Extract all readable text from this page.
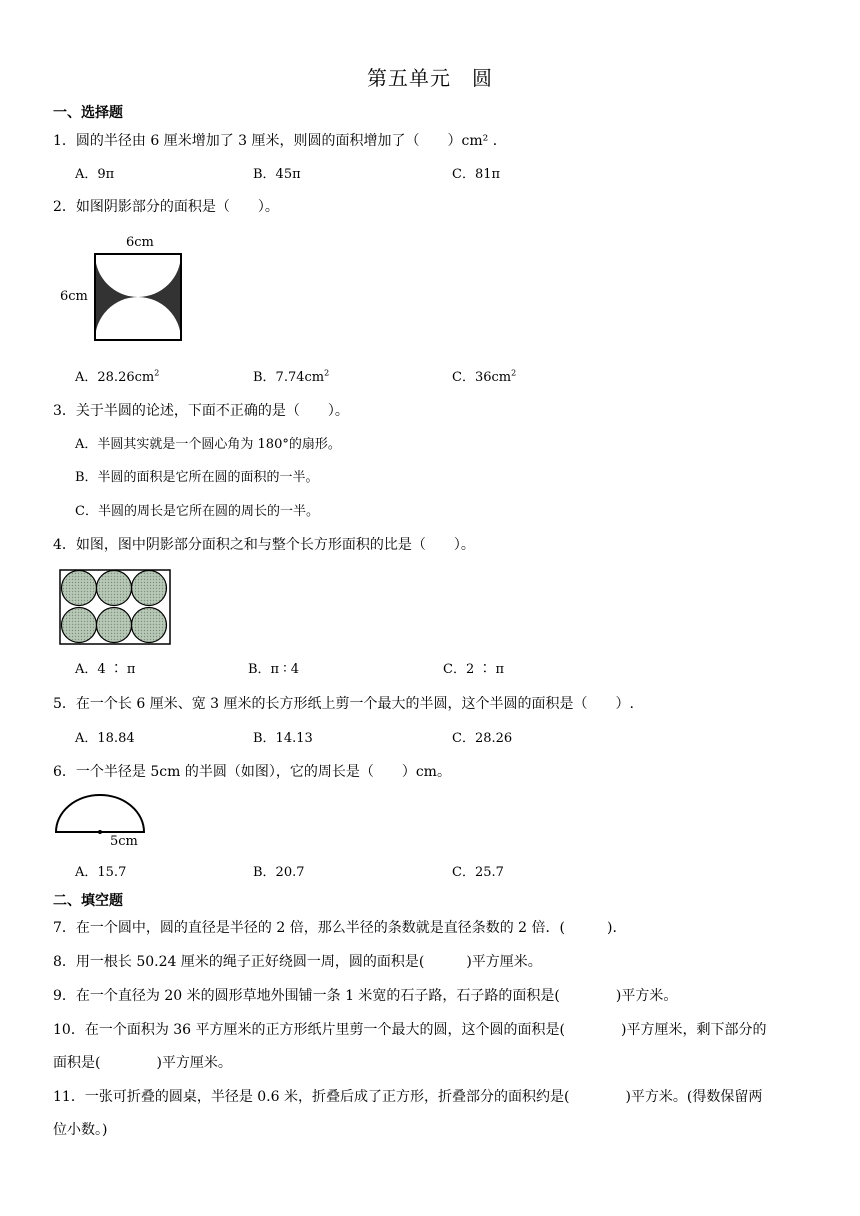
第五单元　圆
一、选择题
1．圆的半径由 6 厘米增加了 3 厘米，则圆的面积增加了（　　）cm² ．
A．9π	B．45π	C．81π
2．如图阴影部分的面积是（　　）。
6cm
6cm
A．$28.26cm^2$	B．$7.74cm^2$	C．$36cm^2$
3．关于半圆的论述，下面不正确的是（　　）。
A．半圆其实就是一个圆心角为 180°的扇形。
B．半圆的面积是它所在圆的面积的一半。
C．半圆的周长是它所在圆的周长的一半。
4．如图，图中阴影部分面积之和与整个长方形面积的比是（　　）。
A．4 ∶ π	B．π ∶ 4	C．2 ∶ π
5．在一个长 6 厘米、宽 3 厘米的长方形纸上剪一个最大的半圆，这个半圆的面积是（　　）.
A．18.84	B．14.13	C．28.26
6．一个半径是 5cm 的半圆（如图），它的周长是（　　）cm。
5cm
A．15.7	B．20.7	C．25.7
二、填空题
7．在一个圆中，圆的直径是半径的 2 倍，那么半径的条数就是直径条数的 2 倍．(　　　).
8．用一根长 50.24 厘米的绳子正好绕圆一周，圆的面积是(　　　)平方厘米。
9．在一个直径为 20 米的圆形草地外围铺一条 1 米宽的石子路，石子路的面积是(　　　　)平方米。
10．在一个面积为 36 平方厘米的正方形纸片里剪一个最大的圆，这个圆的面积是(　　　　)平方厘米，剩下部分的
面积是(　　　　)平方厘米。
11．一张可折叠的圆桌，半径是 0.6 米，折叠后成了正方形，折叠部分的面积约是(　　　　)平方米。(得数保留两
位小数。)
